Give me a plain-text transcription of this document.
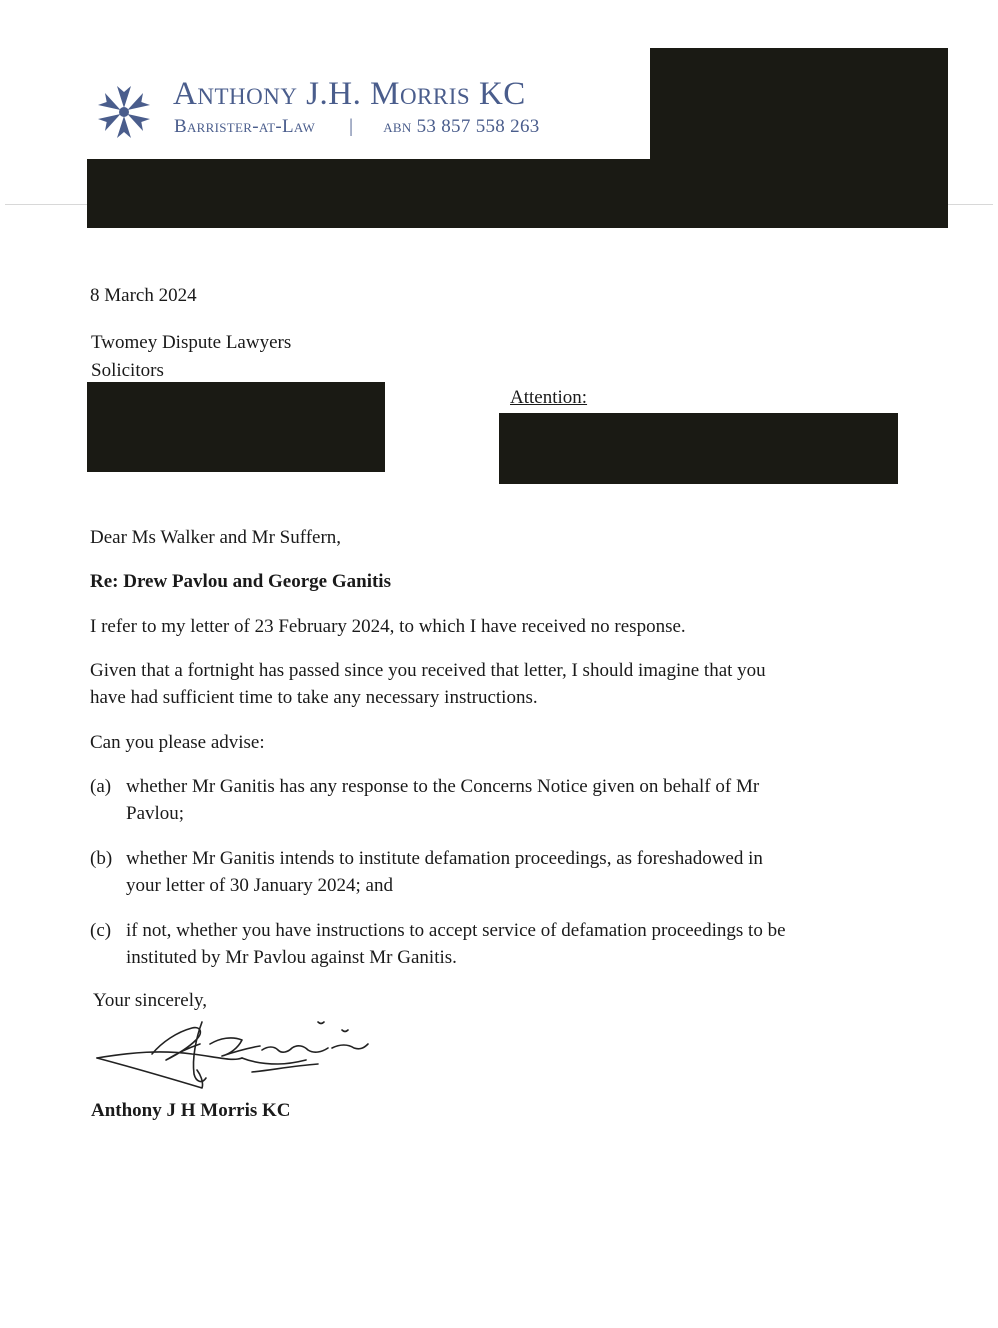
Anthony J.H. Morris KC
Barrister-at-Law | abn 53 857 558 263
8 March 2024
Twomey Dispute Lawyers
Solicitors
Attention:
Dear Ms Walker and Mr Suffern,
Re: Drew Pavlou and George Ganitis
I refer to my letter of 23 February 2024, to which I have received no response.
Given that a fortnight has passed since you received that letter, I should imagine that you
have had sufficient time to take any necessary instructions.
Can you please advise:
(a) whether Mr Ganitis has any response to the Concerns Notice given on behalf of Mr
Pavlou;
(b) whether Mr Ganitis intends to institute defamation proceedings, as foreshadowed in
your letter of 30 January 2024; and
(c) if not, whether you have instructions to accept service of defamation proceedings to be
instituted by Mr Pavlou against Mr Ganitis.
Your sincerely,
Anthony J H Morris KC
